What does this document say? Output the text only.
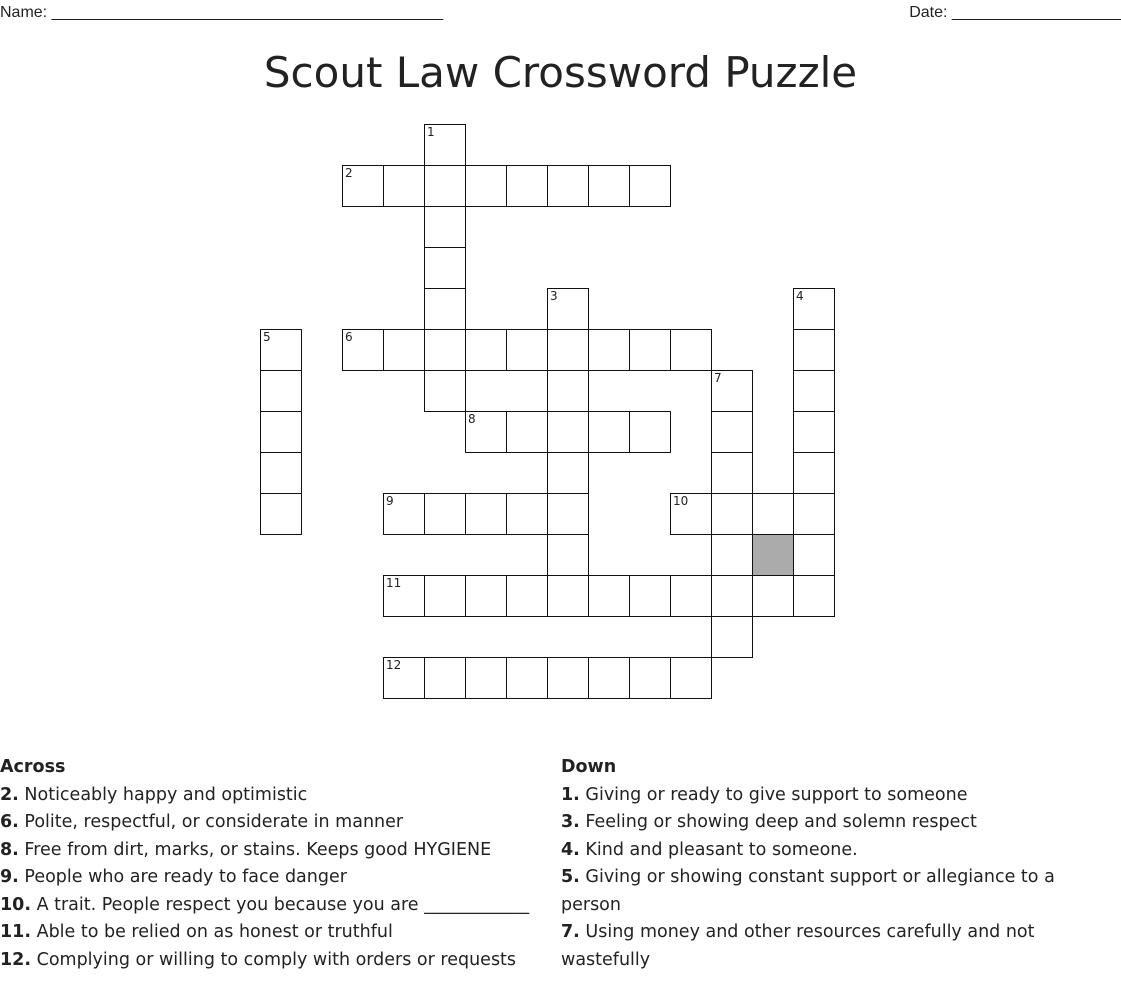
Name: ____________________________________________	Date: ___________________
Scout Law Crossword Puzzle
1
2
3	4
5	6
7
8
9	10
11
12
Across
2. Noticeably happy and optimistic
6. Polite, respectful, or considerate in manner
8. Free from dirt, marks, or stains. Keeps good HYGIENE
9. People who are ready to face danger
10. A trait. People respect you because you are ____________
11. Able to be relied on as honest or truthful
12. Complying or willing to comply with orders or requests
Down
1. Giving or ready to give support to someone
3. Feeling or showing deep and solemn respect
4. Kind and pleasant to someone.
5. Giving or showing constant support or allegiance to a person
7. Using money and other resources carefully and not wastefully
